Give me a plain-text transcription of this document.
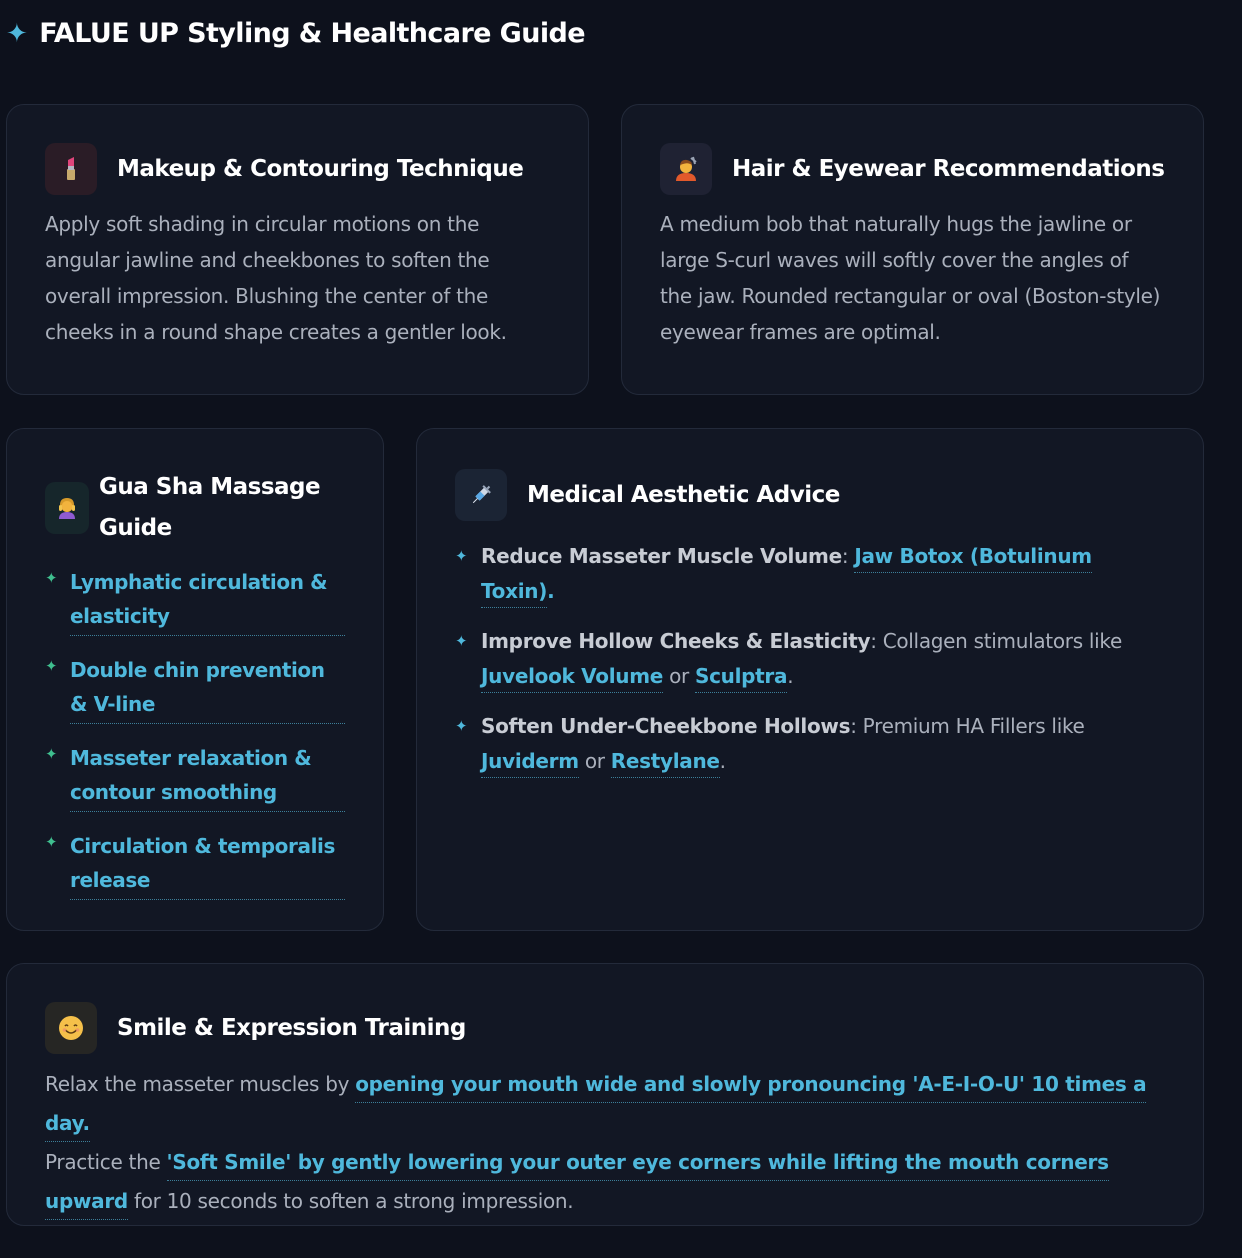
✦ FALUE UP Styling & Healthcare Guide
Makeup & Contouring Technique

Apply soft shading in circular motions on the angular jawline and cheekbones to soften the overall impression. Blushing the center of the cheeks in a round shape creates a gentler look.

Hair & Eyewear Recommendations

A medium bob that naturally hugs the jawline or large S-curl waves will softly cover the angles of the jaw. Rounded rectangular or oval (Boston-style) eyewear frames are optimal.

Gua Sha Massage Guide
✦ Lymphatic circulation & elasticity
✦ Double chin prevention & V-line
✦ Masseter relaxation & contour smoothing
✦ Circulation & temporalis release
Medical Aesthetic Advice
✦ Reduce Masseter Muscle Volume: Jaw Botox (Botulinum Toxin).
✦ Improve Hollow Cheeks & Elasticity: Collagen stimulators like Juvelook Volume or Sculptra.
✦ Soften Under-Cheekbone Hollows: Premium HA Fillers like Juviderm or Restylane.
Smile & Expression Training

Relax the masseter muscles by opening your mouth wide and slowly pronouncing 'A-E-I-O-U' 10 times a day.
Practice the 'Soft Smile' by gently lowering your outer eye corners while lifting the mouth corners upward for 10 seconds to soften a strong impression.
